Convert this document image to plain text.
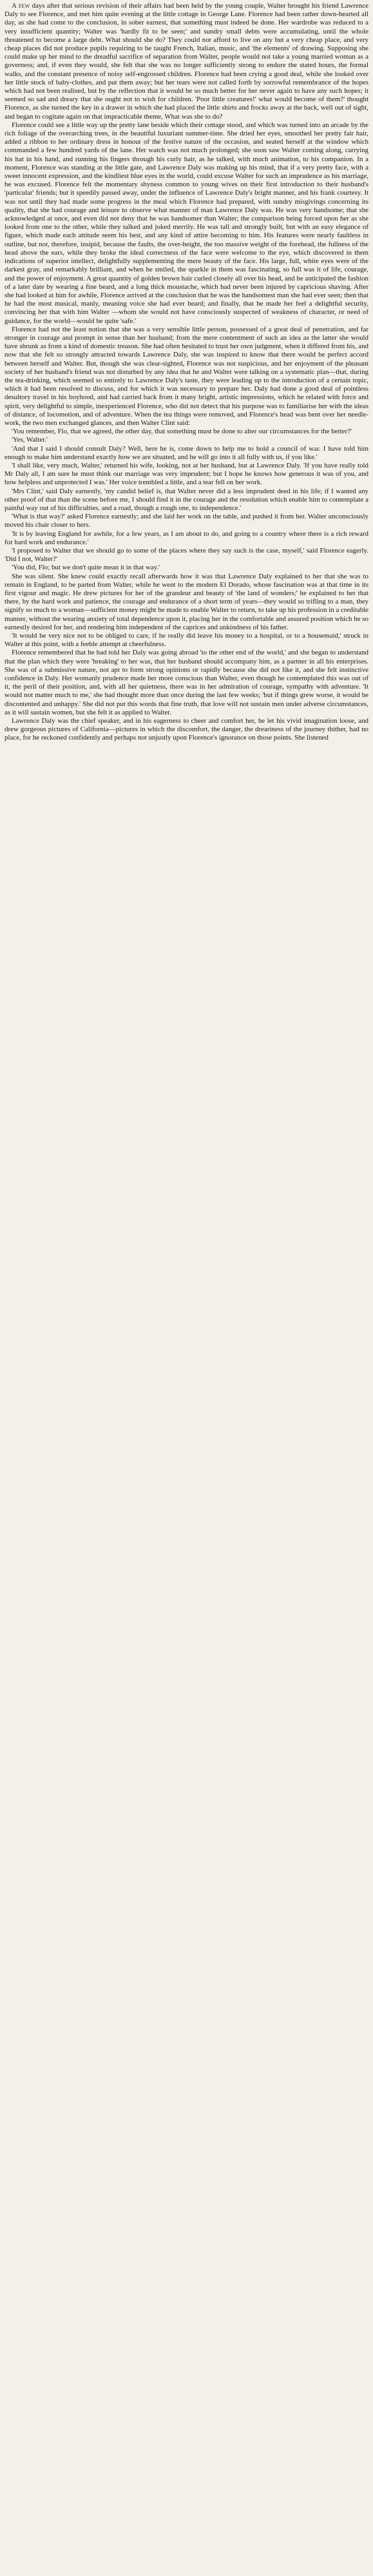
A few days after that serious revision of their affairs had been held by the young couple, Walter brought his friend Lawrence Daly to see Florence, and met him quite evening at the little cottage in George Lane. Florence had been rather down-hearted all day, as she had come to the conclusion, in sober earnest, that something must indeed be done. Her wardrobe was reduced to a very insufficient quantity; Walter was 'hardly fit to be seen;' and sundry small debts were accumulating, until the whole threatened to become a large debt. What should she do? They could not afford to live on any but a very cheap place, and very cheap places did not produce pupils requiring to be taught French, Italian, music, and 'the elements' of drawing. Supposing she could make up her mind to the dreadful sacrifice of separation from Walter, people would not take a young married woman as a governess; and, if even they would, she felt that she was no longer sufficiently strong to endure the stated hours, the formal walks, and the constant presence of noisy self-engrossed children. Florence had been crying a good deal, while she looked over her little stock of baby-clothes, and put them away; but her tears were not called forth by sorrowful remembrance of the hopes which had not been realised, but by the reflection that it would be so much better for her never again to have any such hopes; it seemed so sad and dreary that she ought not to wish for children. 'Poor little creatures!' what would become of them?' thought Florence, as she turned the key in a drawer in which she had placed the little shirts and frocks away at the back, well out of sight, and began to cogitate again on that impracticable theme, What was she to do?

Florence could see a little way up the pretty lane beside which their cottage stood, and which was turned into an arcade by the rich foliage of the overarching trees, in the beautiful luxuriant summer-time. She dried her eyes, smoothed her pretty fair hair, added a ribbon to her ordinary dress in honour of the festive nature of the occasion, and seated herself at the window which commanded a few hundred yards of the lane. Her watch was not much prolonged; she soon saw Walter coming along, carrying his hat in his hand, and running his fingers through his curly hair, as he talked, with much animation, to his companion. In a moment, Florence was standing at the little gate, and Lawrence Daly was making up his mind, that if a very pretty face, with a sweet innocent expression, and the kindliest blue eyes in the world, could excuse Walter for such an imprudence as his marriage, he was excused. Florence felt the momentary shyness common to young wives on their first introduction to their husband's 'particular' friends; but it speedily passed away, under the influence of Lawrence Daly's bright manner, and his frank courtesy. It was not until they had made some progress in the meal which Florence had prepared, with sundry misgivings concerning its quality, that she had courage and leisure to observe what manner of man Lawrence Daly was. He was very handsome; that she acknowledged at once, and even did not deny that he was handsomer than Walter; the comparison being forced upon her as she looked from one to the other, while they talked and joked merrily. He was tall and strongly built, but with an easy elegance of figure, which made each attitude seem his best, and any kind of attire becoming to him. His features were nearly faultless in outline, but not, therefore, insipid, because the faults, the over-height, the too massive weight of the forehead, the fullness of the head above the ears, while they broke the ideal correctness of the face were welcome to the eye, which discovered in them indications of superior intellect, delightfully supplementing the mere beauty of the face. His large, full, white eyes were of the darkest gray, and remarkably brilliant, and when he smiled, the sparkle in them was fascinating, so full was it of life, courage, and the power of enjoyment. A great quantity of golden brown hair curled closely all over his head, and he anticipated the fashion of a later date by wearing a fine beard, and a long thick moustache, which had never been injured by capricious shaving. After she had looked at him for awhile, Florence arrived at the conclusion that he was the handsomest man she had ever seen; then that he had the most musical, manly, meaning voice she had ever heard; and finally, that he made her feel a delightful security, convincing her that with him Walter —whom she would not have consciously suspected of weakness of character, or need of guidance, for the world—would be quite 'safe.'

Florence had not the least notion that she was a very sensible little person, possessed of a great deal of penetration, and far stronger in courage and prompt in sense than her husband; from the mere contentment of such an idea as the latter she would have shrunk as from a kind of domestic treason. She had often hesitated to trust her own judgment, when it differed from his, and now that she felt so strongly attracted towards Lawrence Daly, she was inspired to know that there would be perfect accord between herself and Walter. But, though she was clear-sighted, Florence was not suspicious, and her enjoyment of the pleasant society of her husband's friend was not disturbed by any idea that he and Walter were talking on a systematic plan—that, during the tea-drinking, which seemed so entirely to Lawrence Daly's taste, they were leading up to the introduction of a certain topic, which it had been resolved to discuss, and for which it was necessary to prepare her. Daly had done a good deal of pointless desultory travel in his boyhood, and had carried back from it many bright, artistic impressions, which he related with force and spirit, very delightful to simple, inexperienced Florence, who did not detect that his purpose was to familiarise her with the ideas of distance, of locomotion, and of adventure. When the tea things were removed, and Florence's head was bent over her needle-work, the two men exchanged glances, and then Walter Clint said:

'You remember, Flo, that we agreed, the other day, that something must be done to alter our circumstances for the better?'

'Yes, Walter.'

'And that I said I should consult Daly? Well, here he is, come down to help me to hold a council of war. I have told him enough to make him understand exactly how we are situated, and he will go into it all fully with us, if you like.'

'I shall like, very much, Walter,' returned his wife, looking, not at her husband, but at Lawrence Daly. 'If you have really told Mr Daly all, I am sure he must think our marriage was very imprudent; but I hope he knows how generous it was of you, and how helpless and unprotected I was.' Her voice trembled a little, and a tear fell on her work.

'Mrs Clint,' said Daly earnestly, 'my candid belief is, that Walter never did a less imprudent deed in his life; if I wanted any other proof of that than the scene before me, I should find it in the courage and the resolution which enable him to contemplate a painful way out of his difficulties, and a road, though a rough one, to independence.'

'What is that way?' asked Florence earnestly; and she laid her work on the table, and pushed it from her. Walter unconsciously moved his chair closer to hers.

'It is by leaving England for awhile, for a few years, as I am about to do, and going to a country where there is a rich reward for hard work and endurance.'

'I proposed to Walter that we should go to some of the places where they say such is the case, myself,' said Florence eagerly. 'Did I not, Walter?'

'You did, Flo; but we don't quite mean it in that way.'

She was silent. She knew could exactly recall afterwards how it was that Lawrence Daly explained to her that she was to remain in England, to be parted from Walter, while he went to the modern El Dorado, whose fascination was at that time in its first vigour and magic. He drew pictures for her of the grandeur and beauty of 'the land of wonders;' he explained to her that there, by the hard work and patience, the courage and endurance of a short term of years—they would so trifling to a man, they signify so much to a woman—sufficient money might be made to enable Walter to return, to take up his profession in a creditable manner, without the wearing anxiety of total dependence upon it, placing her in the comfortable and assured position which he so earnestly desired for her, and rendering him independent of the caprices and unkindness of his father.

'It would be very nice not to be obliged to care, if he really did leave his money to a hospital, or to a housemaid,' struck in Walter at this point, with a feeble attempt at cheerfulness.

Florence remembered that he had told her Daly was going abroad 'to the other end of the world,' and she began to understand that the plan which they were 'breaking' to her was, that her husband should accompany him, as a partner in all his enterprises. She was of a submissive nature, not apt to form strong opinions or rapidly because she did not like it, and she felt instinctive confidence in Daly. Her womanly prudence made her more conscious than Walter, even though he contemplated this was out of it, the peril of their position, and, with all her quietness, there was in her admiration of courage, sympathy with adventure. 'It would not matter much to me,' she had thought more than once during the last few weeks; 'but if things grew worse, it would be discontented and unhappy.' She did not put this words that fine truth, that love will not sustain men under adverse circumstances, as it will sustain women, but she felt it as applied to Walter.

Lawrence Daly was the chief speaker, and in his eagerness to cheer and comfort her, he let his vivid imagination loose, and drew gorgeous pictures of California—pictures in which the discomfort, the danger, the dreariness of the journey thither, had no place, for he reckoned confidently and perhaps not unjustly upon Florence's ignorance on those points. She listened
